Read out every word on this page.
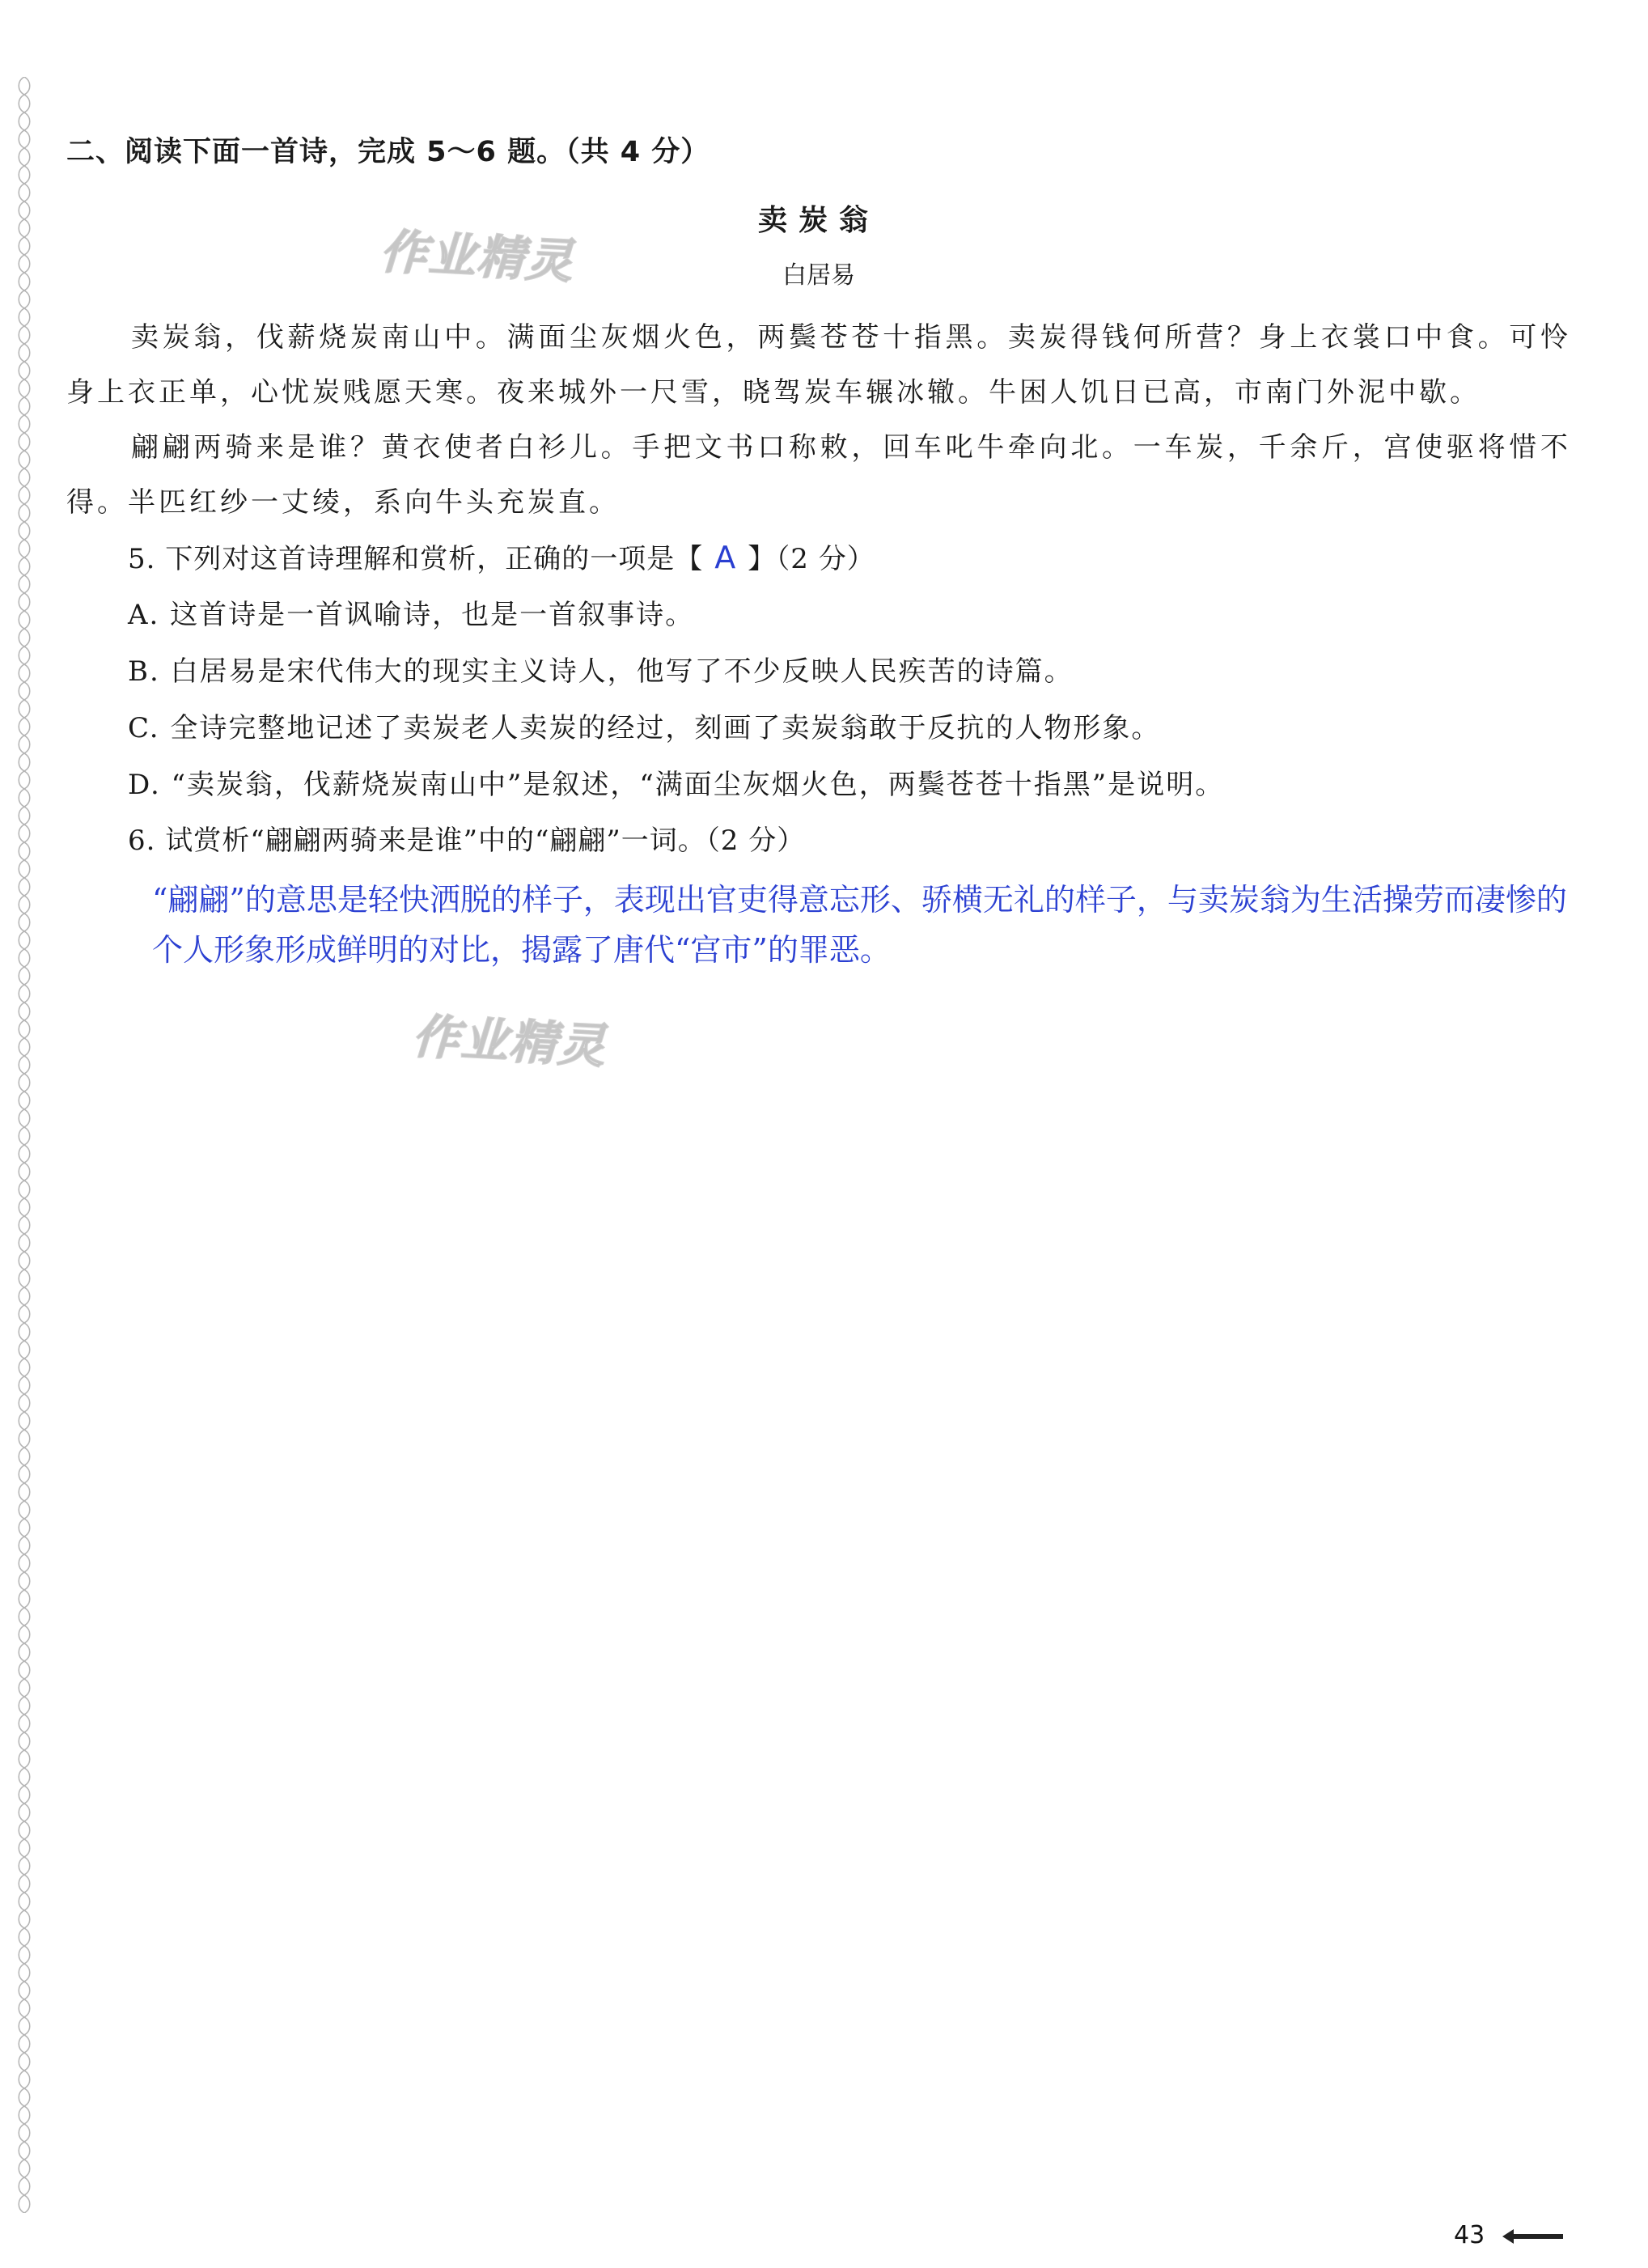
作业精灵
作业精灵
二、阅读下面一首诗，完成 5～6 题。（共 4 分）
卖炭翁
白居易

卖炭翁，伐薪烧炭南山中。满面尘灰烟火色，两鬓苍苍十指黑。卖炭得钱何所营？身上衣裳口中食。可怜身上衣正单，心忧炭贱愿天寒。夜来城外一尺雪，晓驾炭车辗冰辙。牛困人饥日已高，市南门外泥中歇。

翩翩两骑来是谁？黄衣使者白衫儿。手把文书口称敕，回车叱牛牵向北。一车炭，千余斤，宫使驱将惜不得。半匹红纱一丈绫，系向牛头充炭直。

5. 下列对这首诗理解和赏析，正确的一项是【 A 】（2 分）
A. 这首诗是一首讽喻诗，也是一首叙事诗。
B. 白居易是宋代伟大的现实主义诗人，他写了不少反映人民疾苦的诗篇。
C. 全诗完整地记述了卖炭老人卖炭的经过，刻画了卖炭翁敢于反抗的人物形象。
D. “卖炭翁，伐薪烧炭南山中”是叙述，“满面尘灰烟火色，两鬓苍苍十指黑”是说明。
6. 试赏析“翩翩两骑来是谁”中的“翩翩”一词。（2 分）
“翩翩”的意思是轻快洒脱的样子，表现出官吏得意忘形、骄横无礼的样子，与卖炭翁为生活操劳而凄惨的个人形象形成鲜明的对比，揭露了唐代“宫市”的罪恶。
43
